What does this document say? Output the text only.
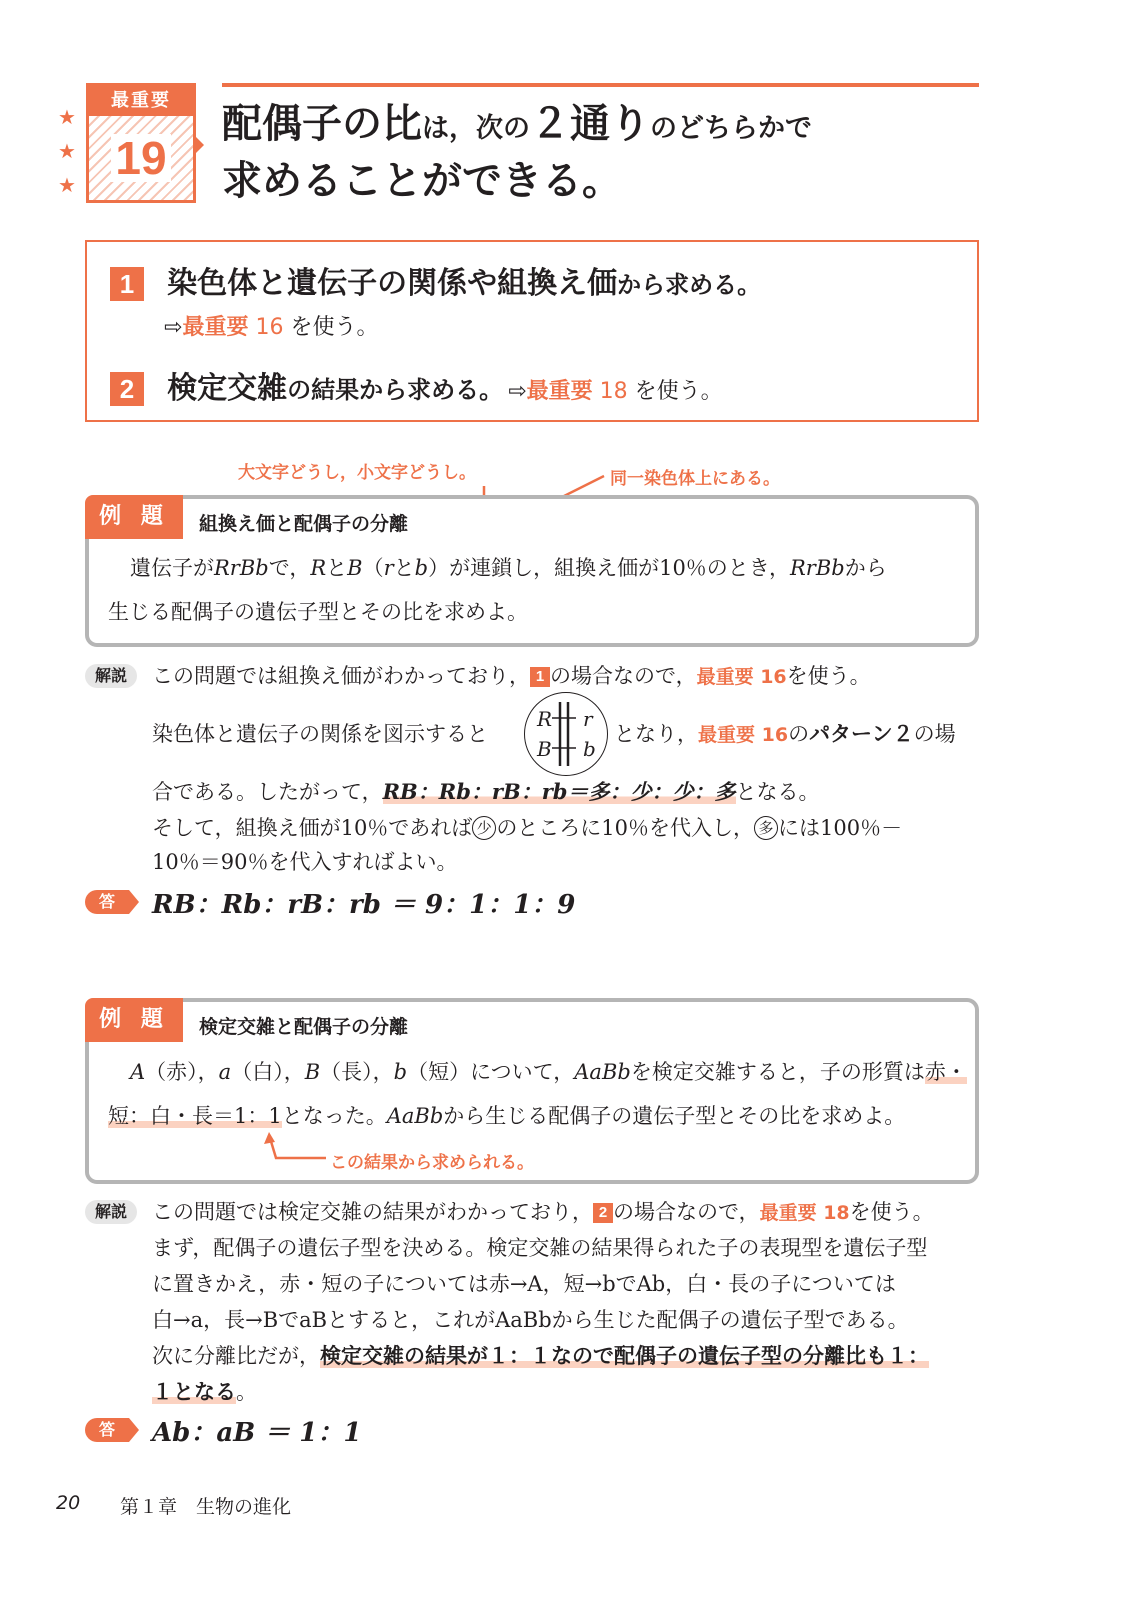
★
★
★
最重要
19
配偶子の比は，次の２通りのどちらかで
求めることができる。
1 染色体と遺伝子の関係や組換え価から求める。
⇨最重要 16 を使う。
2 検定交雑の結果から求める。 ⇨最重要 18 を使う。
大文字どうし，小文字どうし。	同一染色体上にある。
例 題	組換え価と配偶子の分離
遺伝子がRrBbで，RとB（rとb）が連鎖し，組換え価が10％のとき，RrBbから
生じる配偶子の遺伝子型とその比を求めよ。
解説	この問題では組換え価がわかっており， 1 の場合なので，最重要 16を使う。
染色体と遺伝子の関係を図示すると
R r
B b
となり，最重要 16のパターン２の場
合である。したがって，RB：Rb：rB：rb＝多：少：少：多となる。
そして，組換え価が10％であれば 少 のところに10％を代入し， 多 には100％－
10％＝90％を代入すればよい。
答	RB：Rb：rB：rb ＝ 9：1：1：9
例 題	検定交雑と配偶子の分離
A（赤），a（白），B（長），b（短）について，AaBbを検定交雑すると，子の形質は赤・
短：白・長＝1：1となった。AaBbから生じる配偶子の遺伝子型とその比を求めよ。
この結果から求められる。
解説	この問題では検定交雑の結果がわかっており， 2 の場合なので，最重要 18を使う。
まず，配偶子の遺伝子型を決める。検定交雑の結果得られた子の表現型を遺伝子型
に置きかえ，赤・短の子については赤→A，短→bでAb，白・長の子については
白→a，長→BでaBとすると，これがAaBbから生じた配偶子の遺伝子型である。
次に分離比だが，検定交雑の結果が１：１なので配偶子の遺伝子型の分離比も１：
１となる。
答	Ab：aB ＝ 1：1
20 第１章　生物の進化
